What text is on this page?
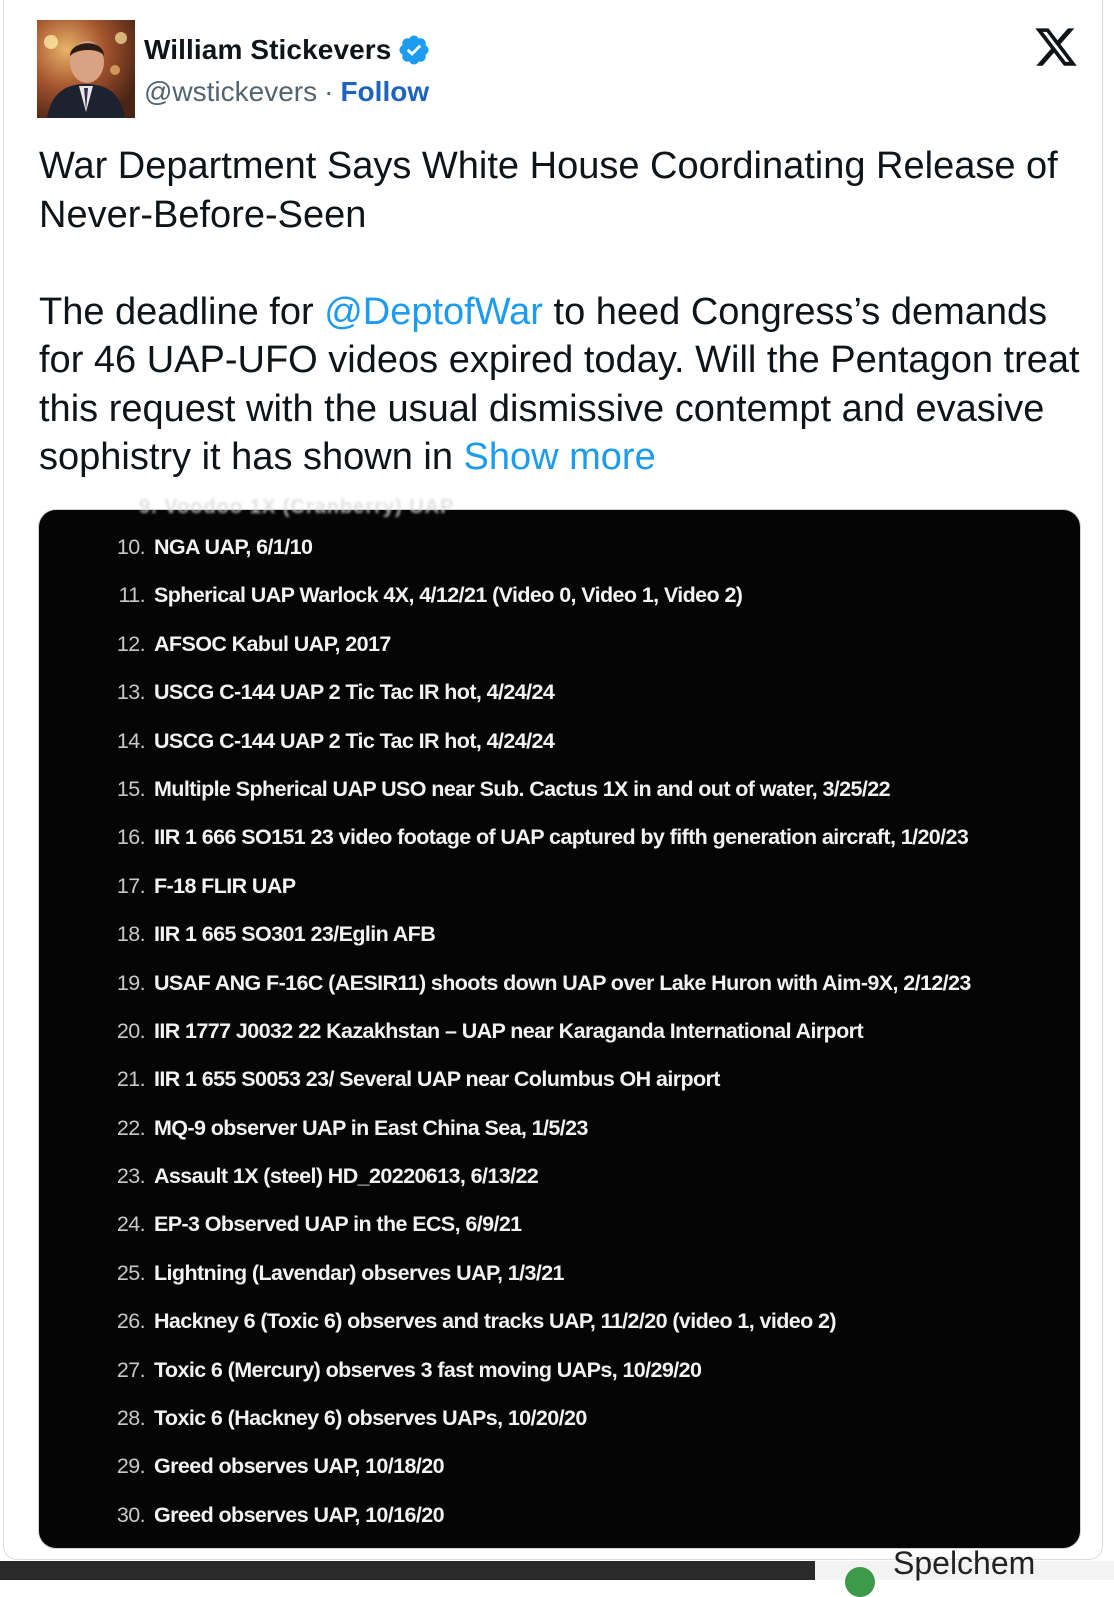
William Stickevers
@wstickevers · Follow

War Department Says White House Coordinating Release of Never-Before-Seen

The deadline for @DeptofWar to heed Congress’s demands for 46 UAP-UFO videos expired today. Will the Pentagon treat this request with the usual dismissive contempt and evasive sophistry it has shown in Show more

9. Voodoo 1X (Cranberry) UAP
10. NGA UAP, 6/1/10
11. Spherical UAP Warlock 4X, 4/12/21 (Video 0, Video 1, Video 2)
12. AFSOC Kabul UAP, 2017
13. USCG C-144 UAP 2 Tic Tac IR hot, 4/24/24
14. USCG C-144 UAP 2 Tic Tac IR hot, 4/24/24
15. Multiple Spherical UAP USO near Sub. Cactus 1X in and out of water, 3/25/22
16. IIR 1 666 SO151 23 video footage of UAP captured by fifth generation aircraft, 1/20/23
17. F-18 FLIR UAP
18. IIR 1 665 SO301 23/Eglin AFB
19. USAF ANG F-16C (AESIR11) shoots down UAP over Lake Huron with Aim-9X, 2/12/23
20. IIR 1777 J0032 22 Kazakhstan – UAP near Karaganda International Airport
21. IIR 1 655 S0053 23/ Several UAP near Columbus OH airport
22. MQ-9 observer UAP in East China Sea, 1/5/23
23. Assault 1X (steel) HD_20220613, 6/13/22
24. EP-3 Observed UAP in the ECS, 6/9/21
25. Lightning (Lavendar) observes UAP, 1/3/21
26. Hackney 6 (Toxic 6) observes and tracks UAP, 11/2/20 (video 1, video 2)
27. Toxic 6 (Mercury) observes 3 fast moving UAPs, 10/29/20
28. Toxic 6 (Hackney 6) observes UAPs, 10/20/20
29. Greed observes UAP, 10/18/20
30. Greed observes UAP, 10/16/20
Spelchem
